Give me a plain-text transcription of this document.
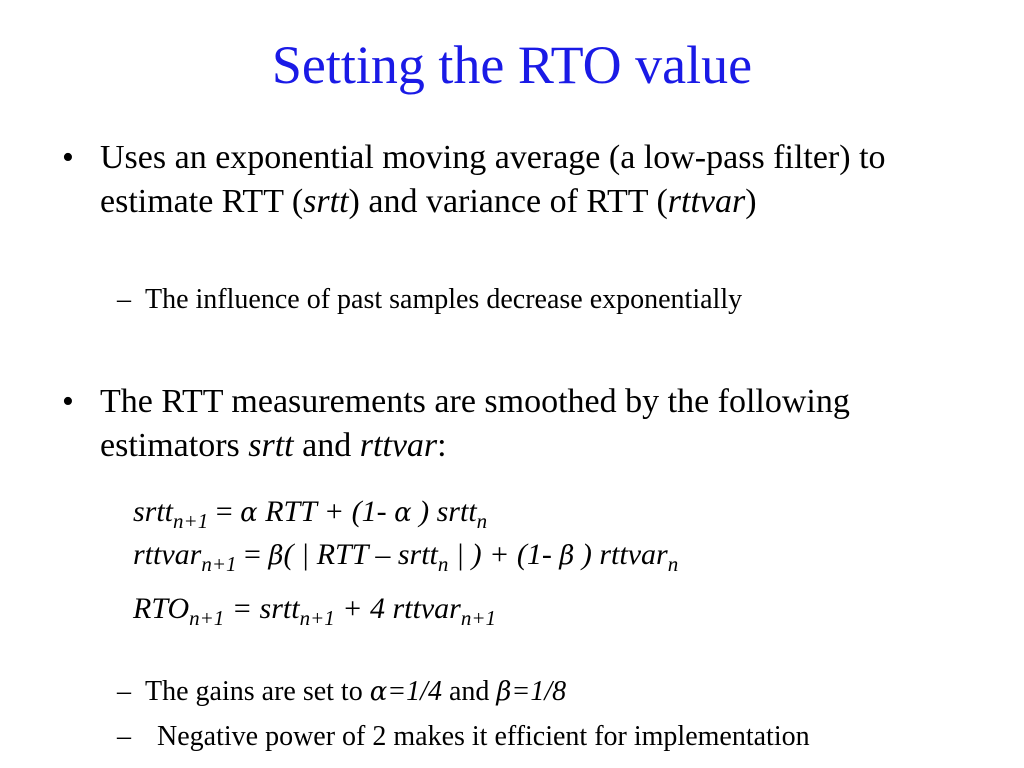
Setting the RTO value
• Uses an exponential moving average (a low-pass filter) to estimate RTT (srtt) and variance of RTT (rttvar)
– The influence of past samples decrease exponentially
• The RTT measurements are smoothed by the following estimators srtt and rttvar:
srtt$_{n+1}$ = α RTT + (1- α ) srtt$_n$
rttvar$_{n+1}$ = β( | RTT – srtt$_n$ | ) + (1- β ) rttvar$_n$
$RTO_{n+1}$ = srtt$_{n+1}$ + 4 rttvar$_{n+1}$
– The gains are set to α=1/4 and β=1/8
– Negative power of 2 makes it efficient for implementation
